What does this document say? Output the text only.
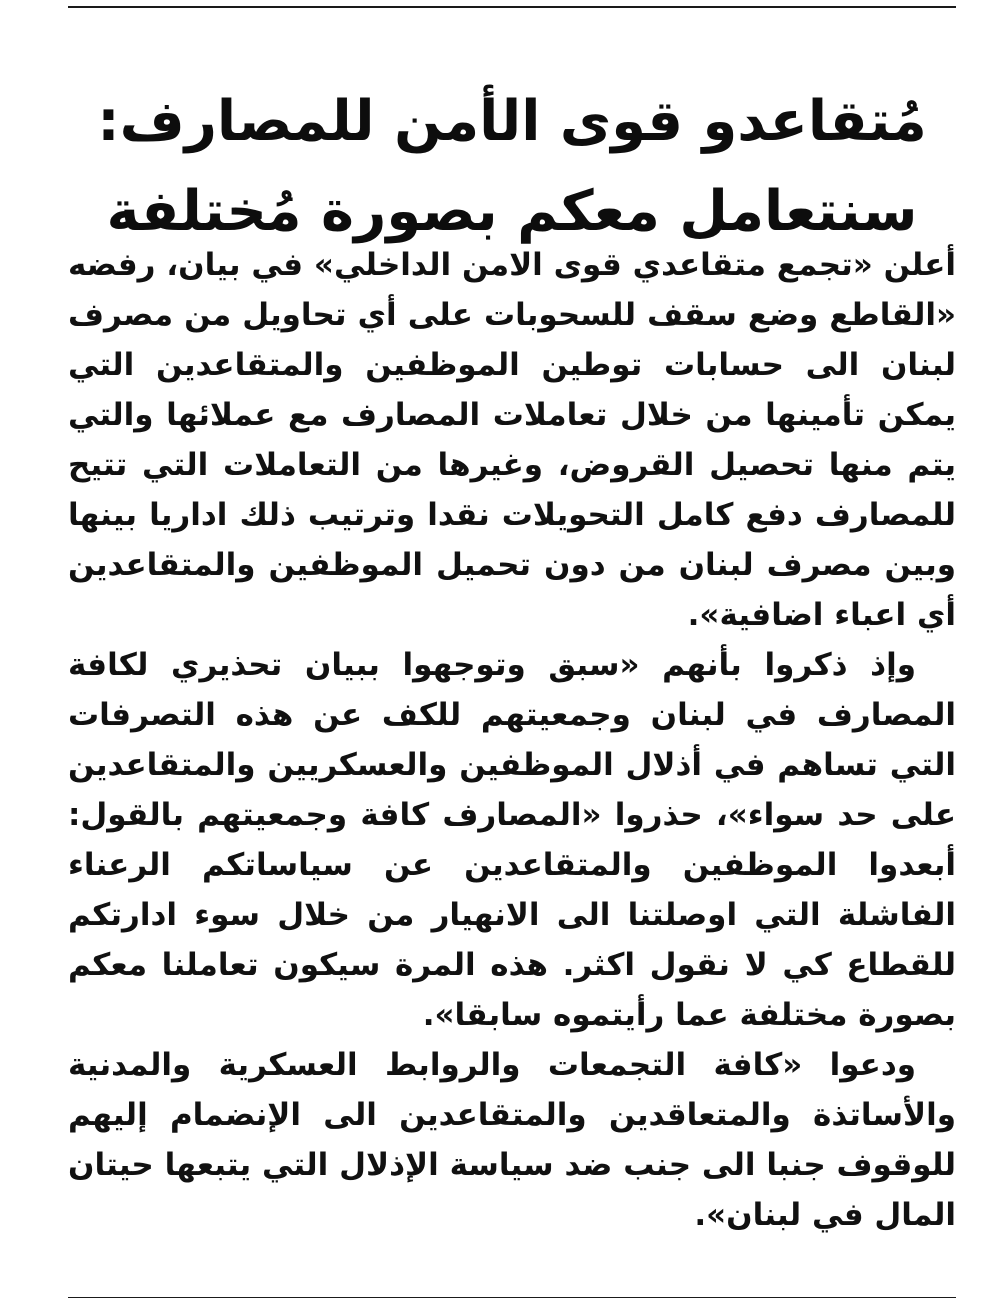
مُتقاعدو قوى الأمن للمصارف:
سنتعامل معكم بصورة مُختلفة

أعلن «تجمع متقاعدي قوى الامن الداخلي» في بيان، رفضه «القاطع وضع سقف للسحوبات على أي تحاويل من مصرف لبنان الى حسابات توطين الموظفين والمتقاعدين التي يمكن تأمينها من خلال تعاملات المصارف مع عملائها والتي يتم منها تحصيل القروض، وغيرها من التعاملات التي تتيح للمصارف دفع كامل التحويلات نقدا وترتيب ذلك اداريا بينها وبين مصرف لبنان من دون تحميل الموظفين والمتقاعدين أي اعباء اضافية».

وإذ ذكروا بأنهم «سبق وتوجهوا ببيان تحذيري لكافة المصارف في لبنان وجمعيتهم للكف عن هذه التصرفات التي تساهم في أذلال الموظفين والعسكريين والمتقاعدين على حد سواء»، حذروا «المصارف كافة وجمعيتهم بالقول: أبعدوا الموظفين والمتقاعدين عن سياساتكم الرعناء الفاشلة التي اوصلتنا الى الانهيار من خلال سوء ادارتكم للقطاع كي لا نقول اكثر. هذه المرة سيكون تعاملنا معكم بصورة مختلفة عما رأيتموه سابقا».

ودعوا «كافة التجمعات والروابط العسكرية والمدنية والأساتذة والمتعاقدين والمتقاعدين الى الإنضمام إليهم للوقوف جنبا الى جنب ضد سياسة الإذلال التي يتبعها حيتان المال في لبنان».
